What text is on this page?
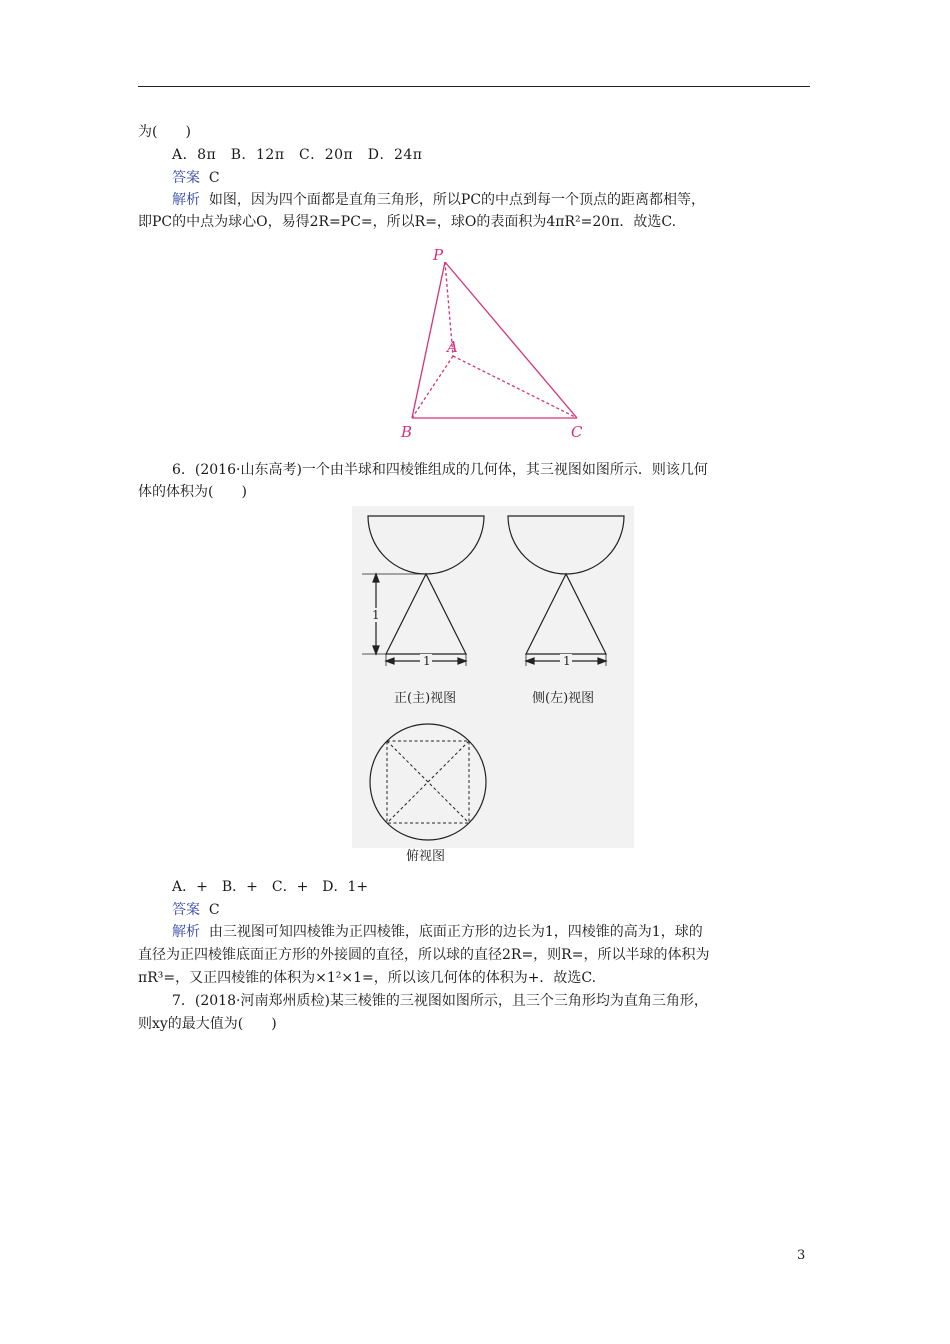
为(　　)
A．8π　B．12π　C．20π　D．24π
答案 C
解析 如图，因为四个面都是直角三角形，所以PC的中点到每一个顶点的距离都相等，
即PC的中点为球心O，易得2R=PC=，所以R=，球O的表面积为4πR²=20π．故选C.
P
A
B	C
6．(2016·山东高考)一个由半球和四棱锥组成的几何体，其三视图如图所示．则该几何
体的体积为(　　)
1
1	1
正(主)视图	侧(左)视图
俯视图
A．+　B．+　C．+　D．1+
答案 C
解析 由三视图可知四棱锥为正四棱锥，底面正方形的边长为1，四棱锥的高为1，球的
直径为正四棱锥底面正方形的外接圆的直径，所以球的直径2R=，则R=，所以半球的体积为
πR³=，又正四棱锥的体积为×1²×1=，所以该几何体的体积为+．故选C.
7．(2018·河南郑州质检)某三棱锥的三视图如图所示，且三个三角形均为直角三角形，
则xy的最大值为(　　)
3
